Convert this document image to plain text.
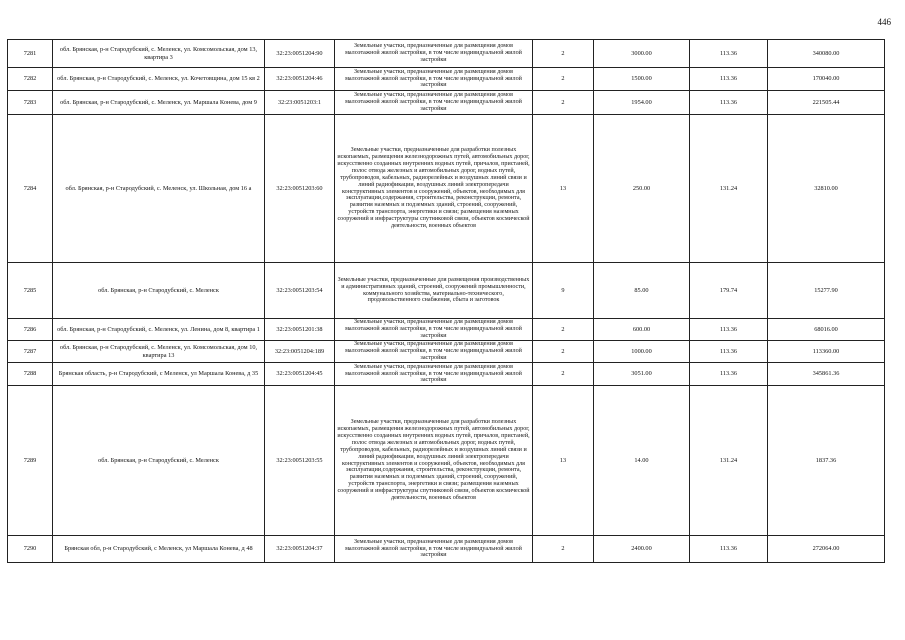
446
7281	обл. Брянская, р-н Стародубский, с. Меленск, ул. Комсомольская, дом 13, квартира 3	32:23:0051204:90	Земельные участки, предназначенные для размещения домов малоэтажной жилой застройки, в том числе индивидуальной жилой застройки	2	3000.00	113.36	340080.00
7282	обл. Брянская, р-н Стародубский, с. Меленск, ул. Кочетовщина, дом 15 кв 2	32:23:0051204:46	Земельные участки, предназначенные для размещения домов малоэтажной жилой застройки, в том числе индивидуальной жилой застройки	2	1500.00	113.36	170040.00
7283	обл. Брянская, р-н Стародубский, с. Меленск, ул. Маршала Конева, дом 9	32:23:0051203:1	Земельные участки, предназначенные для размещения домов малоэтажной жилой застройки, в том числе индивидуальной жилой застройки	2	1954.00	113.36	221505.44
7284	обл. Брянская, р-н Стародубский, с. Меленск, ул. Школьная, дом 16 а	32:23:0051203:60	Земельные участки, предназначенные для разработки полезных ископаемых, размещения железнодорожных путей, автомобильных дорог, искусственно созданных внутренних водных путей, причалов, пристаней, полос отвода железных и автомобильных дорог, водных путей, трубопроводов, кабельных, радиорелейных и воздушных линий связи и линий радиофикации, воздушных линий электропередачи конструктивных элементов и сооружений, объектов, необходимых для эксплуатации,содержания, строительства, реконструкции, ремонта, развития наземных и подземных зданий, строений, сооружений, устройств транспорта, энергетики и связи; размещения наземных сооружений и инфраструктуры спутниковой связи, объектов космической деятельности, военных объектов	13	250.00	131.24	32810.00
7285	обл. Брянская, р-н Стародубский, с. Меленск	32:23:0051203:54	Земельные участки, предназначенные для размещения производственных и административных зданий, строений, сооружений промышленности, коммунального хозяйства, материально-технического, продовольственного снабжения, сбыта и заготовок	9	85.00	179.74	15277.90
7286	обл. Брянская, р-н Стародубский, с. Меленск, ул. Ленина, дом 8, квартира 1	32:23:0051201:38	Земельные участки, предназначенные для размещения домов малоэтажной жилой застройки, в том числе индивидуальной жилой застройки	2	600.00	113.36	68016.00
7287	обл. Брянская, р-н Стародубский, с. Меленск, ул. Комсомольская, дом 10, квартира 13	32:23:0051204:189	Земельные участки, предназначенные для размещения домов малоэтажной жилой застройки, в том числе индивидуальной жилой застройки	2	1000.00	113.36	113360.00
7288	Брянская область, р-н Стародубский, с Меленск, ул Маршала Конева, д 35	32:23:0051204:45	Земельные участки, предназначенные для размещения домов малоэтажной жилой застройки, в том числе индивидуальной жилой застройки	2	3051.00	113.36	345861.36
7289	обл. Брянская, р-н Стародубский, с. Меленск	32:23:0051203:55	Земельные участки, предназначенные для разработки полезных ископаемых, размещения железнодорожных путей, автомобильных дорог, искусственно созданных внутренних водных путей, причалов, пристаней, полос отвода железных и автомобильных дорог, водных путей, трубопроводов, кабельных, радиорелейных и воздушных линий связи и линий радиофикации, воздушных линий электропередачи конструктивных элементов и сооружений, объектов, необходимых для эксплуатации,содержания, строительства, реконструкции, ремонта, развития наземных и подземных зданий, строений, сооружений, устройств транспорта, энергетики и связи; размещения наземных сооружений и инфраструктуры спутниковой связи, объектов космической деятельности, военных объектов	13	14.00	131.24	1837.36
7290	Брянская обл, р-н Стародубский, с Меленск, ул Маршала Конева, д 48	32:23:0051204:37	Земельные участки, предназначенные для размещения домов малоэтажной жилой застройки, в том числе индивидуальной жилой застройки	2	2400.00	113.36	272064.00
